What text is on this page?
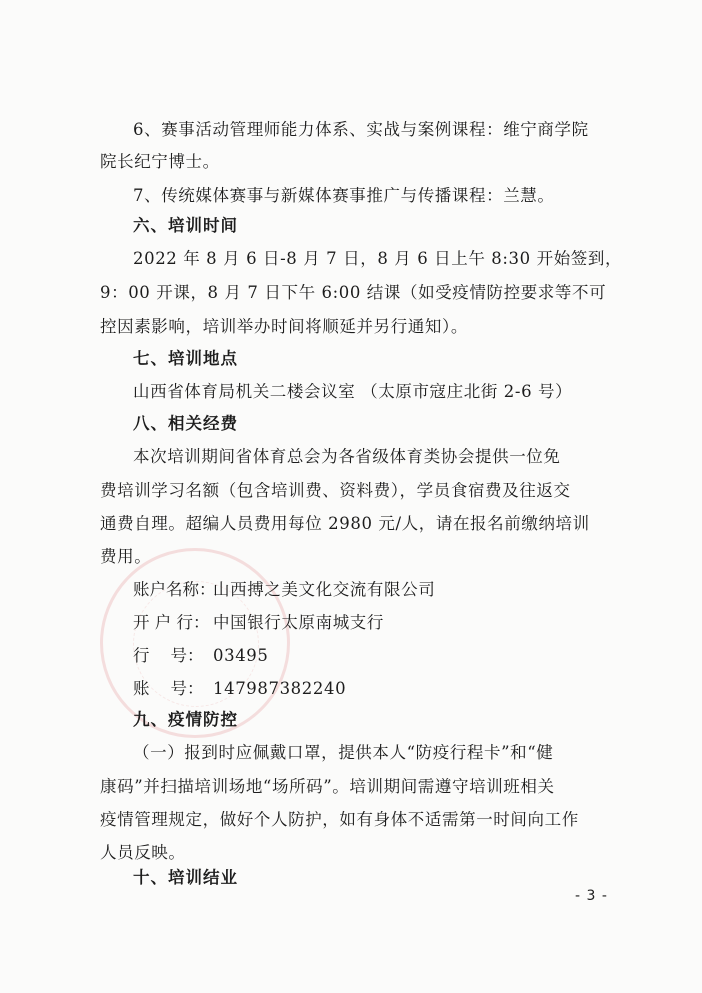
6、赛事活动管理师能力体系、实战与案例课程：维宁商学院
院长纪宁博士。
7、传统媒体赛事与新媒体赛事推广与传播课程：兰慧。
六、培训时间
2022 年 8 月 6 日-8 月 7 日，8 月 6 日上午 8:30 开始签到，
9：00 开课，8 月 7 日下午 6:00 结课（如受疫情防控要求等不可
控因素影响，培训举办时间将顺延并另行通知）。
七、培训地点
山西省体育局机关二楼会议室 （太原市寇庄北街 2-6 号）
八、相关经费
本次培训期间省体育总会为各省级体育类协会提供一位免
费培训学习名额（包含培训费、资料费），学员食宿费及往返交
通费自理。超编人员费用每位 2980 元/人，请在报名前缴纳培训
费用。
账户名称：山西搏之美文化交流有限公司
开 户 行： 中国银行太原南城支行
行    号： 03495
账    号： 147987382240
九、疫情防控
（一）报到时应佩戴口罩，提供本人“防疫行程卡”和“健
康码”并扫描培训场地“场所码”。培训期间需遵守培训班相关
疫情管理规定，做好个人防护，如有身体不适需第一时间向工作
人员反映。
十、培训结业
- 3 -
